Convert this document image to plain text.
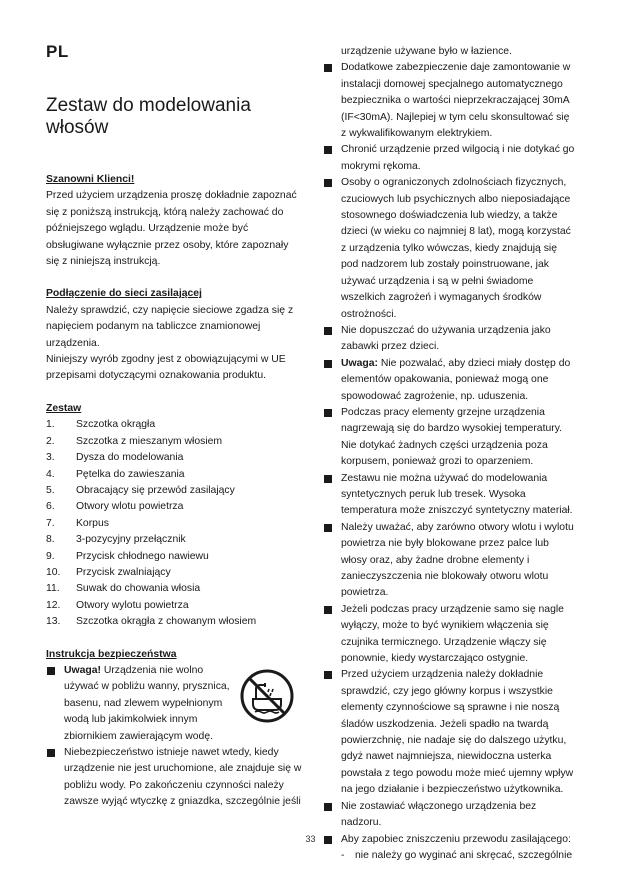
PL
Zestaw do modelowania włosów

Szanowni Klienci!

Przed użyciem urządzenia proszę dokładnie zapoznać się z poniższą instrukcją, którą należy zachować do późniejszego wglądu. Urządzenie może być obsługiwane wyłącznie przez osoby, które zapoznały się z niniejszą instrukcją.

Podłączenie do sieci zasilającej

Należy sprawdzić, czy napięcie sieciowe zgadza się z napięciem podanym na tabliczce znamionowej urządzenia.

Niniejszy wyrób zgodny jest z obowiązującymi w UE przepisami dotyczącymi oznakowania produktu.

Zestaw

1.	Szczotka okrągła
2.	Szczotka z mieszanym włosiem
3.	Dysza do modelowania
4.	Pętelka do zawieszania
5.	Obracający się przewód zasilający
6.	Otwory wlotu powietrza
7.	Korpus
8.	3-pozycyjny przełącznik
9.	Przycisk chłodnego nawiewu
10.	Przycisk zwalniający
11.	Suwak do chowania włosia
12.	Otwory wylotu powietrza
13.	Szczotka okrągła z chowanym włosiem

Instrukcja bezpieczeństwa

Uwaga! Urządzenia nie wolno używać w pobliżu wanny, prysznica, basenu, nad zlewem wypełnionym wodą lub jakimkolwiek innym zbiornikiem zawierającym wodę.
Niebezpieczeństwo istnieje nawet wtedy, kiedy urządzenie nie jest uruchomione, ale znajduje się w pobliżu wody. Po zakończeniu czynności należy zawsze wyjąć wtyczkę z gniazdka, szczególnie jeśli
urządzenie używane było w łazience.
Dodatkowe zabezpieczenie daje zamontowanie w instalacji domowej specjalnego automatycznego bezpiecznika o wartości nieprzekraczającej 30mA (IF<30mA). Najlepiej w tym celu skonsultować się z wykwalifikowanym elektrykiem.
Chronić urządzenie przed wilgocią i nie dotykać go mokrymi rękoma.
Osoby o ograniczonych zdolnościach fizycznych, czuciowych lub psychicznych albo nieposiadające stosownego doświadczenia lub wiedzy, a także dzieci (w wieku co najmniej 8 lat), mogą korzystać z urządzenia tylko wówczas, kiedy znajdują się pod nadzorem lub zostały poinstruowane, jak używać urządzenia i są w pełni świadome wszelkich zagrożeń i wymaganych środków ostrożności.
Nie dopuszczać do używania urządzenia jako zabawki przez dzieci.
Uwaga: Nie pozwalać, aby dzieci miały dostęp do elementów opakowania, ponieważ mogą one spowodować zagrożenie, np. uduszenia.
Podczas pracy elementy grzejne urządzenia nagrzewają się do bardzo wysokiej temperatury. Nie dotykać żadnych części urządzenia poza korpusem, ponieważ grozi to oparzeniem.
Zestawu nie można używać do modelowania syntetycznych peruk lub tresek. Wysoka temperatura może zniszczyć syntetyczny materiał.
Należy uważać, aby zarówno otwory wlotu i wylotu powietrza nie były blokowane przez palce lub włosy oraz, aby żadne drobne elementy i zanieczyszczenia nie blokowały otworu wlotu powietrza.
Jeżeli podczas pracy urządzenie samo się nagle wyłączy, może to być wynikiem włączenia się czujnika termicznego. Urządzenie włączy się ponownie, kiedy wystarczająco ostygnie.
Przed użyciem urządzenia należy dokładnie sprawdzić, czy jego główny korpus i wszystkie elementy czynnościowe są sprawne i nie noszą śladów uszkodzenia. Jeżeli spadło na twardą powierzchnię, nie nadaje się do dalszego użytku, gdyż nawet najmniejsza, niewidoczna usterka powstała z tego powodu może mieć ujemny wpływ na jego działanie i bezpieczeństwo użytkownika.
Nie zostawiać włączonego urządzenia bez nadzoru.
Aby zapobiec zniszczeniu przewodu zasilającego:
-	nie należy go wyginać ani skręcać, szczególnie
33
